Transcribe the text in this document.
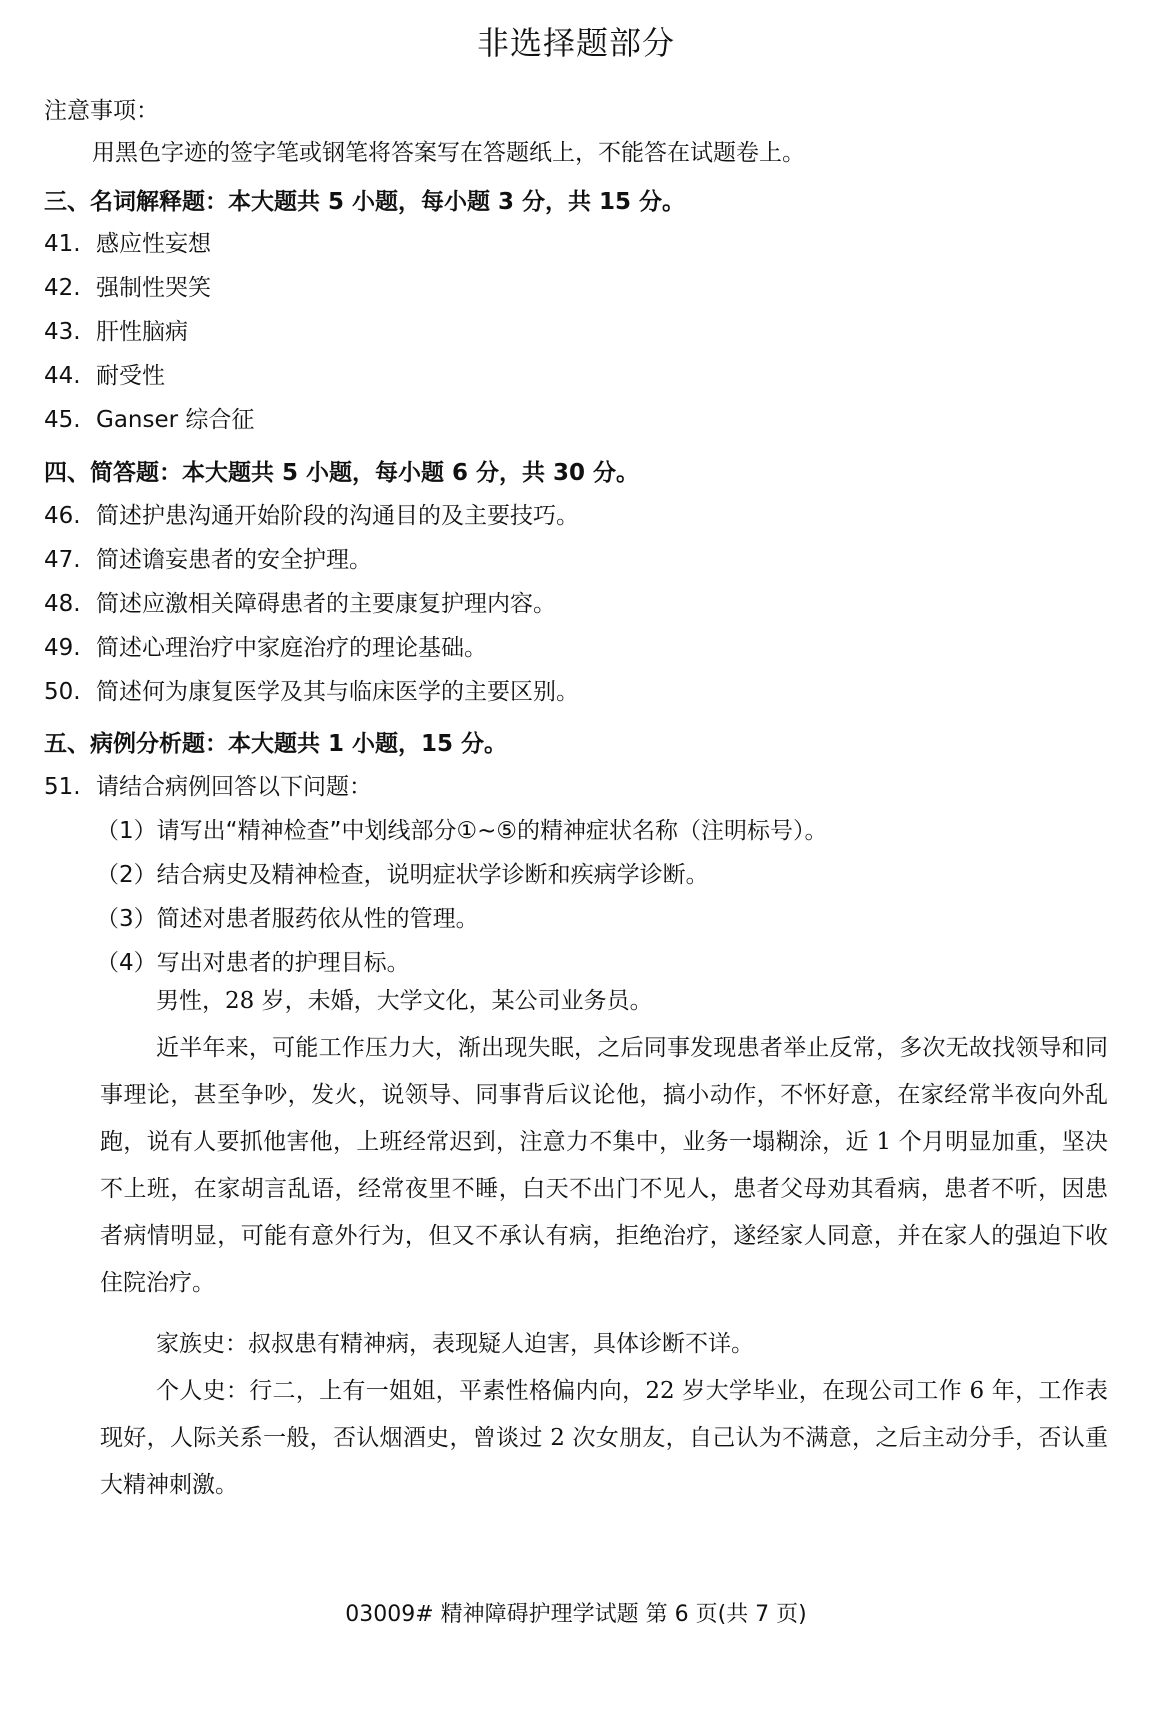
非选择题部分
注意事项：
用黑色字迹的签字笔或钢笔将答案写在答题纸上，不能答在试题卷上。
三、名词解释题：本大题共 5 小题，每小题 3 分，共 15 分。
41. 感应性妄想
42. 强制性哭笑
43. 肝性脑病
44. 耐受性
45. Ganser 综合征
四、简答题：本大题共 5 小题，每小题 6 分，共 30 分。
46. 简述护患沟通开始阶段的沟通目的及主要技巧。
47. 简述谵妄患者的安全护理。
48. 简述应激相关障碍患者的主要康复护理内容。
49. 简述心理治疗中家庭治疗的理论基础。
50. 简述何为康复医学及其与临床医学的主要区别。
五、病例分析题：本大题共 1 小题，15 分。
51. 请结合病例回答以下问题：
（1）请写出“精神检查”中划线部分①~⑤的精神症状名称（注明标号）。
（2）结合病史及精神检查，说明症状学诊断和疾病学诊断。
（3）简述对患者服药依从性的管理。
（4）写出对患者的护理目标。
男性，28 岁，未婚，大学文化，某公司业务员。
近半年来，可能工作压力大，渐出现失眠，之后同事发现患者举止反常，多次无故找领导和同事理论，甚至争吵，发火，说领导、同事背后议论他，搞小动作，不怀好意，在家经常半夜向外乱跑，说有人要抓他害他，上班经常迟到，注意力不集中，业务一塌糊涂，近 1 个月明显加重，坚决不上班，在家胡言乱语，经常夜里不睡，白天不出门不见人，患者父母劝其看病，患者不听，因患者病情明显，可能有意外行为，但又不承认有病，拒绝治疗，遂经家人同意，并在家人的强迫下收住院治疗。
家族史：叔叔患有精神病，表现疑人迫害，具体诊断不详。
个人史：行二，上有一姐姐，平素性格偏内向，22 岁大学毕业，在现公司工作 6 年，工作表现好，人际关系一般，否认烟酒史，曾谈过 2 次女朋友，自己认为不满意，之后主动分手，否认重大精神刺激。
03009# 精神障碍护理学试题 第 6 页(共 7 页)
